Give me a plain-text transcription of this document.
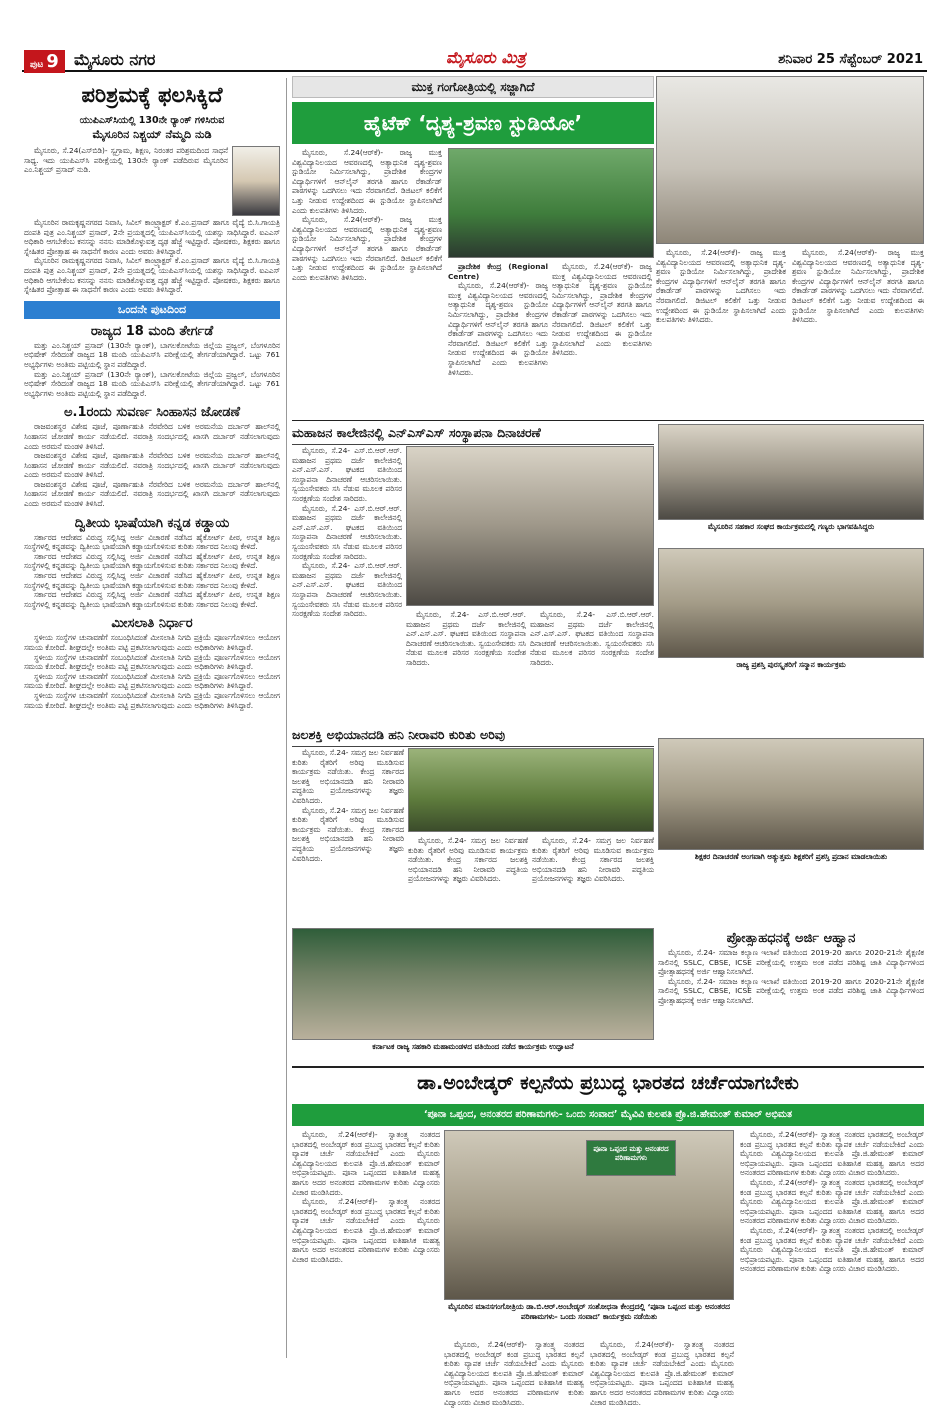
ಪುಟ 9 ಮೈಸೂರು ನಗರ	ಮೈಸೂರು ಮಿತ್ರ	ಶನಿವಾರ 25 ಸೆಪ್ಟೆಂಬರ್ 2021
ಪರಿಶ್ರಮಕ್ಕೆ ಫಲಸಿಕ್ಕಿದೆ
ಯುಪಿಎಸ್‌ಸಿಯಲ್ಲಿ 130ನೇ ರ‍್ಯಾಂಕ್ ಗಳಿಸಿರುವ
ಮೈಸೂರಿನ ನಿಶ್ಚಯ್ ನೆಮ್ಮದಿ ನುಡಿ

ಮೈಸೂರು, ಸೆ.24(ಎಸ್‌ಬಿಡಿ)- ಸ್ವಗ್ರಾಮ, ಶಿಕ್ಷಣ, ನಿರಂತರ ಪರಿಶ್ರಮದಿಂದ ಸಾಧನೆ ಸಾಧ್ಯ. ಇದು ಯುಪಿಎಸ್‌ಸಿ ಪರೀಕ್ಷೆಯಲ್ಲಿ 130ನೇ ರ‍್ಯಾಂಕ್ ಪಡೆದಿರುವ ಮೈಸೂರಿನ ಎಂ.ನಿಶ್ಚಯ್ ಪ್ರಸಾದ್ ನುಡಿ.

ಮೈಸೂರಿನ ರಾಮಕೃಷ್ಣನಗರದ ನಿವಾಸಿ, ಸಿವಿಲ್ ಕಾಂಟ್ರ್ಯಾಕ್ಟರ್ ಕೆ.ಎಂ.ಪ್ರಸಾದ್ ಹಾಗೂ ವೈದ್ಯೆ ಬಿ.ಸಿ.ಗಾಯತ್ರಿ ದಂಪತಿ ಪುತ್ರ ಎಂ.ನಿಶ್ಚಯ್ ಪ್ರಸಾದ್, 2ನೇ ಪ್ರಯತ್ನದಲ್ಲಿ ಯುಪಿಎಸ್‌ಸಿಯಲ್ಲಿ ಯಶಸ್ಸು ಸಾಧಿಸಿದ್ದಾರೆ. ಐಎಎಸ್ ಅಧಿಕಾರಿ ಆಗಬೇಕೆಂಬ ಕನಸನ್ನು ನನಸು ಮಾಡಿಕೊಳ್ಳುವತ್ತ ದೃಢ ಹೆಜ್ಜೆ ಇಟ್ಟಿದ್ದಾರೆ. ಪೋಷಕರು, ಶಿಕ್ಷಕರು ಹಾಗೂ ಸ್ನೇಹಿತರ ಪ್ರೋತ್ಸಾಹ ಈ ಸಾಧನೆಗೆ ಕಾರಣ ಎಂದು ಅವರು ತಿಳಿಸಿದ್ದಾರೆ.

ಮೈಸೂರಿನ ರಾಮಕೃಷ್ಣನಗರದ ನಿವಾಸಿ, ಸಿವಿಲ್ ಕಾಂಟ್ರ್ಯಾಕ್ಟರ್ ಕೆ.ಎಂ.ಪ್ರಸಾದ್ ಹಾಗೂ ವೈದ್ಯೆ ಬಿ.ಸಿ.ಗಾಯತ್ರಿ ದಂಪತಿ ಪುತ್ರ ಎಂ.ನಿಶ್ಚಯ್ ಪ್ರಸಾದ್, 2ನೇ ಪ್ರಯತ್ನದಲ್ಲಿ ಯುಪಿಎಸ್‌ಸಿಯಲ್ಲಿ ಯಶಸ್ಸು ಸಾಧಿಸಿದ್ದಾರೆ. ಐಎಎಸ್ ಅಧಿಕಾರಿ ಆಗಬೇಕೆಂಬ ಕನಸನ್ನು ನನಸು ಮಾಡಿಕೊಳ್ಳುವತ್ತ ದೃಢ ಹೆಜ್ಜೆ ಇಟ್ಟಿದ್ದಾರೆ. ಪೋಷಕರು, ಶಿಕ್ಷಕರು ಹಾಗೂ ಸ್ನೇಹಿತರ ಪ್ರೋತ್ಸಾಹ ಈ ಸಾಧನೆಗೆ ಕಾರಣ ಎಂದು ಅವರು ತಿಳಿಸಿದ್ದಾರೆ.

ಒಂದನೇ ಪುಟದಿಂದ
ರಾಜ್ಯದ 18 ಮಂದಿ ತೇರ್ಗಡೆ

ಮತ್ತು ಎಂ.ನಿಶ್ಚಯ್ ಪ್ರಸಾದ್ (130ನೇ ರ‍್ಯಾಂಕ್), ಬಾಗಲಕೋಟೆಯ ಜಿಲ್ಲೆಯ ಪ್ರಜ್ವಲ್, ಬೆಂಗಳೂರಿನ ಅಭಿಷೇಕ್ ಸೇರಿದಂತೆ ರಾಜ್ಯದ 18 ಮಂದಿ ಯುಪಿಎಸ್‌ಸಿ ಪರೀಕ್ಷೆಯಲ್ಲಿ ತೇರ್ಗಡೆಯಾಗಿದ್ದಾರೆ. ಒಟ್ಟು 761 ಅಭ್ಯರ್ಥಿಗಳು ಅಂತಿಮ ಪಟ್ಟಿಯಲ್ಲಿ ಸ್ಥಾನ ಪಡೆದಿದ್ದಾರೆ.

ಮತ್ತು ಎಂ.ನಿಶ್ಚಯ್ ಪ್ರಸಾದ್ (130ನೇ ರ‍್ಯಾಂಕ್), ಬಾಗಲಕೋಟೆಯ ಜಿಲ್ಲೆಯ ಪ್ರಜ್ವಲ್, ಬೆಂಗಳೂರಿನ ಅಭಿಷೇಕ್ ಸೇರಿದಂತೆ ರಾಜ್ಯದ 18 ಮಂದಿ ಯುಪಿಎಸ್‌ಸಿ ಪರೀಕ್ಷೆಯಲ್ಲಿ ತೇರ್ಗಡೆಯಾಗಿದ್ದಾರೆ. ಒಟ್ಟು 761 ಅಭ್ಯರ್ಥಿಗಳು ಅಂತಿಮ ಪಟ್ಟಿಯಲ್ಲಿ ಸ್ಥಾನ ಪಡೆದಿದ್ದಾರೆ.

ಅ.1ರಂದು ಸುವರ್ಣ ಸಿಂಹಾಸನ ಜೋಡಣೆ

ರಾಜವಂಶಸ್ಥರ ವಿಶೇಷ ಪೂಜೆ, ಪೂರ್ಣಾಹುತಿ ನೆರವೇರಿದ ಬಳಿಕ ಅರಮನೆಯ ದರ್ಬಾರ್ ಹಾಲ್‌ನಲ್ಲಿ ಸಿಂಹಾಸನ ಜೋಡಣೆ ಕಾರ್ಯ ನಡೆಯಲಿದೆ. ನವರಾತ್ರಿ ಸಂದರ್ಭದಲ್ಲಿ ಖಾಸಗಿ ದರ್ಬಾರ್ ನಡೆಸಲಾಗುವುದು ಎಂದು ಅರಮನೆ ಮಂಡಳಿ ತಿಳಿಸಿದೆ.

ರಾಜವಂಶಸ್ಥರ ವಿಶೇಷ ಪೂಜೆ, ಪೂರ್ಣಾಹುತಿ ನೆರವೇರಿದ ಬಳಿಕ ಅರಮನೆಯ ದರ್ಬಾರ್ ಹಾಲ್‌ನಲ್ಲಿ ಸಿಂಹಾಸನ ಜೋಡಣೆ ಕಾರ್ಯ ನಡೆಯಲಿದೆ. ನವರಾತ್ರಿ ಸಂದರ್ಭದಲ್ಲಿ ಖಾಸಗಿ ದರ್ಬಾರ್ ನಡೆಸಲಾಗುವುದು ಎಂದು ಅರಮನೆ ಮಂಡಳಿ ತಿಳಿಸಿದೆ.

ರಾಜವಂಶಸ್ಥರ ವಿಶೇಷ ಪೂಜೆ, ಪೂರ್ಣಾಹುತಿ ನೆರವೇರಿದ ಬಳಿಕ ಅರಮನೆಯ ದರ್ಬಾರ್ ಹಾಲ್‌ನಲ್ಲಿ ಸಿಂಹಾಸನ ಜೋಡಣೆ ಕಾರ್ಯ ನಡೆಯಲಿದೆ. ನವರಾತ್ರಿ ಸಂದರ್ಭದಲ್ಲಿ ಖಾಸಗಿ ದರ್ಬಾರ್ ನಡೆಸಲಾಗುವುದು ಎಂದು ಅರಮನೆ ಮಂಡಳಿ ತಿಳಿಸಿದೆ.

ದ್ವಿತೀಯ ಭಾಷೆಯಾಗಿ ಕನ್ನಡ ಕಡ್ಡಾಯ

ಸರ್ಕಾರದ ಆದೇಶದ ವಿರುದ್ಧ ಸಲ್ಲಿಸಿದ್ದ ಅರ್ಜಿ ವಿಚಾರಣೆ ನಡೆಸಿದ ಹೈಕೋರ್ಟ್ ಪೀಠ, ಉನ್ನತ ಶಿಕ್ಷಣ ಸಂಸ್ಥೆಗಳಲ್ಲಿ ಕನ್ನಡವನ್ನು ದ್ವಿತೀಯ ಭಾಷೆಯಾಗಿ ಕಡ್ಡಾಯಗೊಳಿಸುವ ಕುರಿತು ಸರ್ಕಾರದ ನಿಲುವು ಕೇಳಿದೆ.

ಸರ್ಕಾರದ ಆದೇಶದ ವಿರುದ್ಧ ಸಲ್ಲಿಸಿದ್ದ ಅರ್ಜಿ ವಿಚಾರಣೆ ನಡೆಸಿದ ಹೈಕೋರ್ಟ್ ಪೀಠ, ಉನ್ನತ ಶಿಕ್ಷಣ ಸಂಸ್ಥೆಗಳಲ್ಲಿ ಕನ್ನಡವನ್ನು ದ್ವಿತೀಯ ಭಾಷೆಯಾಗಿ ಕಡ್ಡಾಯಗೊಳಿಸುವ ಕುರಿತು ಸರ್ಕಾರದ ನಿಲುವು ಕೇಳಿದೆ.

ಸರ್ಕಾರದ ಆದೇಶದ ವಿರುದ್ಧ ಸಲ್ಲಿಸಿದ್ದ ಅರ್ಜಿ ವಿಚಾರಣೆ ನಡೆಸಿದ ಹೈಕೋರ್ಟ್ ಪೀಠ, ಉನ್ನತ ಶಿಕ್ಷಣ ಸಂಸ್ಥೆಗಳಲ್ಲಿ ಕನ್ನಡವನ್ನು ದ್ವಿತೀಯ ಭಾಷೆಯಾಗಿ ಕಡ್ಡಾಯಗೊಳಿಸುವ ಕುರಿತು ಸರ್ಕಾರದ ನಿಲುವು ಕೇಳಿದೆ.

ಸರ್ಕಾರದ ಆದೇಶದ ವಿರುದ್ಧ ಸಲ್ಲಿಸಿದ್ದ ಅರ್ಜಿ ವಿಚಾರಣೆ ನಡೆಸಿದ ಹೈಕೋರ್ಟ್ ಪೀಠ, ಉನ್ನತ ಶಿಕ್ಷಣ ಸಂಸ್ಥೆಗಳಲ್ಲಿ ಕನ್ನಡವನ್ನು ದ್ವಿತೀಯ ಭಾಷೆಯಾಗಿ ಕಡ್ಡಾಯಗೊಳಿಸುವ ಕುರಿತು ಸರ್ಕಾರದ ನಿಲುವು ಕೇಳಿದೆ.

ಮೀಸಲಾತಿ ನಿರ್ಧಾರ

ಸ್ಥಳೀಯ ಸಂಸ್ಥೆಗಳ ಚುನಾವಣೆಗೆ ಸಂಬಂಧಿಸಿದಂತೆ ಮೀಸಲಾತಿ ನಿಗದಿ ಪ್ರಕ್ರಿಯೆ ಪೂರ್ಣಗೊಳಿಸಲು ಆಯೋಗ ಸಮಯ ಕೋರಿದೆ. ಶೀಘ್ರದಲ್ಲೇ ಅಂತಿಮ ಪಟ್ಟಿ ಪ್ರಕಟಿಸಲಾಗುವುದು ಎಂದು ಅಧಿಕಾರಿಗಳು ತಿಳಿಸಿದ್ದಾರೆ.

ಸ್ಥಳೀಯ ಸಂಸ್ಥೆಗಳ ಚುನಾವಣೆಗೆ ಸಂಬಂಧಿಸಿದಂತೆ ಮೀಸಲಾತಿ ನಿಗದಿ ಪ್ರಕ್ರಿಯೆ ಪೂರ್ಣಗೊಳಿಸಲು ಆಯೋಗ ಸಮಯ ಕೋರಿದೆ. ಶೀಘ್ರದಲ್ಲೇ ಅಂತಿಮ ಪಟ್ಟಿ ಪ್ರಕಟಿಸಲಾಗುವುದು ಎಂದು ಅಧಿಕಾರಿಗಳು ತಿಳಿಸಿದ್ದಾರೆ.

ಸ್ಥಳೀಯ ಸಂಸ್ಥೆಗಳ ಚುನಾವಣೆಗೆ ಸಂಬಂಧಿಸಿದಂತೆ ಮೀಸಲಾತಿ ನಿಗದಿ ಪ್ರಕ್ರಿಯೆ ಪೂರ್ಣಗೊಳಿಸಲು ಆಯೋಗ ಸಮಯ ಕೋರಿದೆ. ಶೀಘ್ರದಲ್ಲೇ ಅಂತಿಮ ಪಟ್ಟಿ ಪ್ರಕಟಿಸಲಾಗುವುದು ಎಂದು ಅಧಿಕಾರಿಗಳು ತಿಳಿಸಿದ್ದಾರೆ.

ಸ್ಥಳೀಯ ಸಂಸ್ಥೆಗಳ ಚುನಾವಣೆಗೆ ಸಂಬಂಧಿಸಿದಂತೆ ಮೀಸಲಾತಿ ನಿಗದಿ ಪ್ರಕ್ರಿಯೆ ಪೂರ್ಣಗೊಳಿಸಲು ಆಯೋಗ ಸಮಯ ಕೋರಿದೆ. ಶೀಘ್ರದಲ್ಲೇ ಅಂತಿಮ ಪಟ್ಟಿ ಪ್ರಕಟಿಸಲಾಗುವುದು ಎಂದು ಅಧಿಕಾರಿಗಳು ತಿಳಿಸಿದ್ದಾರೆ.

ಮುಕ್ತ ಗಂಗೋತ್ರಿಯಲ್ಲಿ ಸಜ್ಜಾಗಿದೆ
ಹೈಟೆಕ್ ‘ದೃಶ್ಯ-ಶ್ರವಣ ಸ್ಟುಡಿಯೋ’

ಮೈಸೂರು, ಸೆ.24(ಆರ್‌ಕೆ)- ರಾಜ್ಯ ಮುಕ್ತ ವಿಶ್ವವಿದ್ಯಾನಿಲಯದ ಆವರಣದಲ್ಲಿ ಅತ್ಯಾಧುನಿಕ ದೃಶ್ಯ-ಶ್ರವಣ ಸ್ಟುಡಿಯೋ ನಿರ್ಮಿಸಲಾಗಿದ್ದು, ಪ್ರಾದೇಶಿಕ ಕೇಂದ್ರಗಳ ವಿದ್ಯಾರ್ಥಿಗಳಿಗೆ ಆನ್‌ಲೈನ್ ತರಗತಿ ಹಾಗೂ ರೆಕಾರ್ಡೆಡ್ ಪಾಠಗಳನ್ನು ಒದಗಿಸಲು ಇದು ನೆರವಾಗಲಿದೆ. ಡಿಜಿಟಲ್ ಕಲಿಕೆಗೆ ಒತ್ತು ನೀಡುವ ಉದ್ದೇಶದಿಂದ ಈ ಸ್ಟುಡಿಯೋ ಸ್ಥಾಪಿಸಲಾಗಿದೆ ಎಂದು ಕುಲಪತಿಗಳು ತಿಳಿಸಿದರು.

ಮೈಸೂರು, ಸೆ.24(ಆರ್‌ಕೆ)- ರಾಜ್ಯ ಮುಕ್ತ ವಿಶ್ವವಿದ್ಯಾನಿಲಯದ ಆವರಣದಲ್ಲಿ ಅತ್ಯಾಧುನಿಕ ದೃಶ್ಯ-ಶ್ರವಣ ಸ್ಟುಡಿಯೋ ನಿರ್ಮಿಸಲಾಗಿದ್ದು, ಪ್ರಾದೇಶಿಕ ಕೇಂದ್ರಗಳ ವಿದ್ಯಾರ್ಥಿಗಳಿಗೆ ಆನ್‌ಲೈನ್ ತರಗತಿ ಹಾಗೂ ರೆಕಾರ್ಡೆಡ್ ಪಾಠಗಳನ್ನು ಒದಗಿಸಲು ಇದು ನೆರವಾಗಲಿದೆ. ಡಿಜಿಟಲ್ ಕಲಿಕೆಗೆ ಒತ್ತು ನೀಡುವ ಉದ್ದೇಶದಿಂದ ಈ ಸ್ಟುಡಿಯೋ ಸ್ಥಾಪಿಸಲಾಗಿದೆ ಎಂದು ಕುಲಪತಿಗಳು ತಿಳಿಸಿದರು.

ಪ್ರಾದೇಶಿಕ ಕೇಂದ್ರ (Regional Centre)

ಮೈಸೂರು, ಸೆ.24(ಆರ್‌ಕೆ)- ರಾಜ್ಯ ಮುಕ್ತ ವಿಶ್ವವಿದ್ಯಾನಿಲಯದ ಆವರಣದಲ್ಲಿ ಅತ್ಯಾಧುನಿಕ ದೃಶ್ಯ-ಶ್ರವಣ ಸ್ಟುಡಿಯೋ ನಿರ್ಮಿಸಲಾಗಿದ್ದು, ಪ್ರಾದೇಶಿಕ ಕೇಂದ್ರಗಳ ವಿದ್ಯಾರ್ಥಿಗಳಿಗೆ ಆನ್‌ಲೈನ್ ತರಗತಿ ಹಾಗೂ ರೆಕಾರ್ಡೆಡ್ ಪಾಠಗಳನ್ನು ಒದಗಿಸಲು ಇದು ನೆರವಾಗಲಿದೆ. ಡಿಜಿಟಲ್ ಕಲಿಕೆಗೆ ಒತ್ತು ನೀಡುವ ಉದ್ದೇಶದಿಂದ ಈ ಸ್ಟುಡಿಯೋ ಸ್ಥಾಪಿಸಲಾಗಿದೆ ಎಂದು ಕುಲಪತಿಗಳು ತಿಳಿಸಿದರು.

ಮೈಸೂರು, ಸೆ.24(ಆರ್‌ಕೆ)- ರಾಜ್ಯ ಮುಕ್ತ ವಿಶ್ವವಿದ್ಯಾನಿಲಯದ ಆವರಣದಲ್ಲಿ ಅತ್ಯಾಧುನಿಕ ದೃಶ್ಯ-ಶ್ರವಣ ಸ್ಟುಡಿಯೋ ನಿರ್ಮಿಸಲಾಗಿದ್ದು, ಪ್ರಾದೇಶಿಕ ಕೇಂದ್ರಗಳ ವಿದ್ಯಾರ್ಥಿಗಳಿಗೆ ಆನ್‌ಲೈನ್ ತರಗತಿ ಹಾಗೂ ರೆಕಾರ್ಡೆಡ್ ಪಾಠಗಳನ್ನು ಒದಗಿಸಲು ಇದು ನೆರವಾಗಲಿದೆ. ಡಿಜಿಟಲ್ ಕಲಿಕೆಗೆ ಒತ್ತು ನೀಡುವ ಉದ್ದೇಶದಿಂದ ಈ ಸ್ಟುಡಿಯೋ ಸ್ಥಾಪಿಸಲಾಗಿದೆ ಎಂದು ಕುಲಪತಿಗಳು ತಿಳಿಸಿದರು.

ಮೈಸೂರು, ಸೆ.24(ಆರ್‌ಕೆ)- ರಾಜ್ಯ ಮುಕ್ತ ವಿಶ್ವವಿದ್ಯಾನಿಲಯದ ಆವರಣದಲ್ಲಿ ಅತ್ಯಾಧುನಿಕ ದೃಶ್ಯ-ಶ್ರವಣ ಸ್ಟುಡಿಯೋ ನಿರ್ಮಿಸಲಾಗಿದ್ದು, ಪ್ರಾದೇಶಿಕ ಕೇಂದ್ರಗಳ ವಿದ್ಯಾರ್ಥಿಗಳಿಗೆ ಆನ್‌ಲೈನ್ ತರಗತಿ ಹಾಗೂ ರೆಕಾರ್ಡೆಡ್ ಪಾಠಗಳನ್ನು ಒದಗಿಸಲು ಇದು ನೆರವಾಗಲಿದೆ. ಡಿಜಿಟಲ್ ಕಲಿಕೆಗೆ ಒತ್ತು ನೀಡುವ ಉದ್ದೇಶದಿಂದ ಈ ಸ್ಟುಡಿಯೋ ಸ್ಥಾಪಿಸಲಾಗಿದೆ ಎಂದು ಕುಲಪತಿಗಳು ತಿಳಿಸಿದರು.

ಮೈಸೂರು, ಸೆ.24(ಆರ್‌ಕೆ)- ರಾಜ್ಯ ಮುಕ್ತ ವಿಶ್ವವಿದ್ಯಾನಿಲಯದ ಆವರಣದಲ್ಲಿ ಅತ್ಯಾಧುನಿಕ ದೃಶ್ಯ-ಶ್ರವಣ ಸ್ಟುಡಿಯೋ ನಿರ್ಮಿಸಲಾಗಿದ್ದು, ಪ್ರಾದೇಶಿಕ ಕೇಂದ್ರಗಳ ವಿದ್ಯಾರ್ಥಿಗಳಿಗೆ ಆನ್‌ಲೈನ್ ತರಗತಿ ಹಾಗೂ ರೆಕಾರ್ಡೆಡ್ ಪಾಠಗಳನ್ನು ಒದಗಿಸಲು ಇದು ನೆರವಾಗಲಿದೆ. ಡಿಜಿಟಲ್ ಕಲಿಕೆಗೆ ಒತ್ತು ನೀಡುವ ಉದ್ದೇಶದಿಂದ ಈ ಸ್ಟುಡಿಯೋ ಸ್ಥಾಪಿಸಲಾಗಿದೆ ಎಂದು ಕುಲಪತಿಗಳು ತಿಳಿಸಿದರು.

ಮಹಾಜನ ಕಾಲೇಜಿನಲ್ಲಿ ಎನ್‌ಎಸ್‌ಎಸ್ ಸಂಸ್ಥಾಪನಾ ದಿನಾಚರಣೆ

ಮೈಸೂರು, ಸೆ.24- ಎಸ್.ಬಿ.ಆರ್.ಆರ್. ಮಹಾಜನ ಪ್ರಥಮ ದರ್ಜೆ ಕಾಲೇಜಿನಲ್ಲಿ ಎನ್.ಎಸ್.ಎಸ್. ಘಟಕದ ವತಿಯಿಂದ ಸಂಸ್ಥಾಪನಾ ದಿನಾಚರಣೆ ಆಚರಿಸಲಾಯಿತು. ಸ್ವಯಂಸೇವಕರು ಸಸಿ ನೆಡುವ ಮೂಲಕ ಪರಿಸರ ಸಂರಕ್ಷಣೆಯ ಸಂದೇಶ ಸಾರಿದರು.

ಮೈಸೂರು, ಸೆ.24- ಎಸ್.ಬಿ.ಆರ್.ಆರ್. ಮಹಾಜನ ಪ್ರಥಮ ದರ್ಜೆ ಕಾಲೇಜಿನಲ್ಲಿ ಎನ್.ಎಸ್.ಎಸ್. ಘಟಕದ ವತಿಯಿಂದ ಸಂಸ್ಥಾಪನಾ ದಿನಾಚರಣೆ ಆಚರಿಸಲಾಯಿತು. ಸ್ವಯಂಸೇವಕರು ಸಸಿ ನೆಡುವ ಮೂಲಕ ಪರಿಸರ ಸಂರಕ್ಷಣೆಯ ಸಂದೇಶ ಸಾರಿದರು.

ಮೈಸೂರು, ಸೆ.24- ಎಸ್.ಬಿ.ಆರ್.ಆರ್. ಮಹಾಜನ ಪ್ರಥಮ ದರ್ಜೆ ಕಾಲೇಜಿನಲ್ಲಿ ಎನ್.ಎಸ್.ಎಸ್. ಘಟಕದ ವತಿಯಿಂದ ಸಂಸ್ಥಾಪನಾ ದಿನಾಚರಣೆ ಆಚರಿಸಲಾಯಿತು. ಸ್ವಯಂಸೇವಕರು ಸಸಿ ನೆಡುವ ಮೂಲಕ ಪರಿಸರ ಸಂರಕ್ಷಣೆಯ ಸಂದೇಶ ಸಾರಿದರು.	ಮೈಸೂರು, ಸೆ.24- ಎಸ್.ಬಿ.ಆರ್.ಆರ್. ಮಹಾಜನ ಪ್ರಥಮ ದರ್ಜೆ ಕಾಲೇಜಿನಲ್ಲಿ ಎನ್.ಎಸ್.ಎಸ್. ಘಟಕದ ವತಿಯಿಂದ ಸಂಸ್ಥಾಪನಾ ದಿನಾಚರಣೆ ಆಚರಿಸಲಾಯಿತು. ಸ್ವಯಂಸೇವಕರು ಸಸಿ ನೆಡುವ ಮೂಲಕ ಪರಿಸರ ಸಂರಕ್ಷಣೆಯ ಸಂದೇಶ ಸಾರಿದರು.

ಮೈಸೂರು, ಸೆ.24- ಎಸ್.ಬಿ.ಆರ್.ಆರ್. ಮಹಾಜನ ಪ್ರಥಮ ದರ್ಜೆ ಕಾಲೇಜಿನಲ್ಲಿ ಎನ್.ಎಸ್.ಎಸ್. ಘಟಕದ ವತಿಯಿಂದ ಸಂಸ್ಥಾಪನಾ ದಿನಾಚರಣೆ ಆಚರಿಸಲಾಯಿತು. ಸ್ವಯಂಸೇವಕರು ಸಸಿ ನೆಡುವ ಮೂಲಕ ಪರಿಸರ ಸಂರಕ್ಷಣೆಯ ಸಂದೇಶ ಸಾರಿದರು.

ಜಲಶಕ್ತಿ ಅಭಿಯಾನದಡಿ ಹನಿ ನೀರಾವರಿ ಕುರಿತು ಅರಿವು

ಮೈಸೂರು, ಸೆ.24- ಸಮಗ್ರ ಜಲ ನಿರ್ವಹಣೆ ಕುರಿತು ರೈತರಿಗೆ ಅರಿವು ಮೂಡಿಸುವ ಕಾರ್ಯಕ್ರಮ ನಡೆಯಿತು. ಕೇಂದ್ರ ಸರ್ಕಾರದ ಜಲಶಕ್ತಿ ಅಭಿಯಾನದಡಿ ಹನಿ ನೀರಾವರಿ ಪದ್ಧತಿಯ ಪ್ರಯೋಜನಗಳನ್ನು ತಜ್ಞರು ವಿವರಿಸಿದರು.

ಮೈಸೂರು, ಸೆ.24- ಸಮಗ್ರ ಜಲ ನಿರ್ವಹಣೆ ಕುರಿತು ರೈತರಿಗೆ ಅರಿವು ಮೂಡಿಸುವ ಕಾರ್ಯಕ್ರಮ ನಡೆಯಿತು. ಕೇಂದ್ರ ಸರ್ಕಾರದ ಜಲಶಕ್ತಿ ಅಭಿಯಾನದಡಿ ಹನಿ ನೀರಾವರಿ ಪದ್ಧತಿಯ ಪ್ರಯೋಜನಗಳನ್ನು ತಜ್ಞರು ವಿವರಿಸಿದರು.

ಮೈಸೂರು, ಸೆ.24- ಸಮಗ್ರ ಜಲ ನಿರ್ವಹಣೆ ಕುರಿತು ರೈತರಿಗೆ ಅರಿವು ಮೂಡಿಸುವ ಕಾರ್ಯಕ್ರಮ ನಡೆಯಿತು. ಕೇಂದ್ರ ಸರ್ಕಾರದ ಜಲಶಕ್ತಿ ಅಭಿಯಾನದಡಿ ಹನಿ ನೀರಾವರಿ ಪದ್ಧತಿಯ ಪ್ರಯೋಜನಗಳನ್ನು ತಜ್ಞರು ವಿವರಿಸಿದರು.

ಮೈಸೂರು, ಸೆ.24- ಸಮಗ್ರ ಜಲ ನಿರ್ವಹಣೆ ಕುರಿತು ರೈತರಿಗೆ ಅರಿವು ಮೂಡಿಸುವ ಕಾರ್ಯಕ್ರಮ ನಡೆಯಿತು. ಕೇಂದ್ರ ಸರ್ಕಾರದ ಜಲಶಕ್ತಿ ಅಭಿಯಾನದಡಿ ಹನಿ ನೀರಾವರಿ ಪದ್ಧತಿಯ ಪ್ರಯೋಜನಗಳನ್ನು ತಜ್ಞರು ವಿವರಿಸಿದರು.

ಕರ್ನಾಟಕ ರಾಜ್ಯ ಸಹಕಾರಿ ಮಹಾಮಂಡಳದ ವತಿಯಿಂದ ನಡೆದ ಕಾರ್ಯಕ್ರಮ ಉದ್ಘಾಟನೆ
ಮೈಸೂರಿನ ಸಹಕಾರ ಸಂಘದ ಕಾರ್ಯಕ್ರಮದಲ್ಲಿ ಗಣ್ಯರು ಭಾಗವಹಿಸಿದ್ದರು
ರಾಜ್ಯ ಪ್ರಶಸ್ತಿ ಪುರಸ್ಕೃತರಿಗೆ ಸನ್ಮಾನ ಕಾರ್ಯಕ್ರಮ
ಶಿಕ್ಷಕರ ದಿನಾಚರಣೆ ಅಂಗವಾಗಿ ಅತ್ಯುತ್ತಮ ಶಿಕ್ಷಕರಿಗೆ ಪ್ರಶಸ್ತಿ ಪ್ರದಾನ ಮಾಡಲಾಯಿತು
ಪ್ರೋತ್ಸಾಹಧನಕ್ಕೆ ಅರ್ಜಿ ಆಹ್ವಾನ

ಮೈಸೂರು, ಸೆ.24- ಸಮಾಜ ಕಲ್ಯಾಣ ಇಲಾಖೆ ವತಿಯಿಂದ 2019-20 ಹಾಗೂ 2020-21ನೇ ಶೈಕ್ಷಣಿಕ ಸಾಲಿನಲ್ಲಿ SSLC, CBSE, ICSE ಪರೀಕ್ಷೆಯಲ್ಲಿ ಉತ್ತಮ ಅಂಕ ಪಡೆದ ಪರಿಶಿಷ್ಟ ಜಾತಿ ವಿದ್ಯಾರ್ಥಿಗಳಿಂದ ಪ್ರೋತ್ಸಾಹಧನಕ್ಕೆ ಅರ್ಜಿ ಆಹ್ವಾನಿಸಲಾಗಿದೆ.

ಮೈಸೂರು, ಸೆ.24- ಸಮಾಜ ಕಲ್ಯಾಣ ಇಲಾಖೆ ವತಿಯಿಂದ 2019-20 ಹಾಗೂ 2020-21ನೇ ಶೈಕ್ಷಣಿಕ ಸಾಲಿನಲ್ಲಿ SSLC, CBSE, ICSE ಪರೀಕ್ಷೆಯಲ್ಲಿ ಉತ್ತಮ ಅಂಕ ಪಡೆದ ಪರಿಶಿಷ್ಟ ಜಾತಿ ವಿದ್ಯಾರ್ಥಿಗಳಿಂದ ಪ್ರೋತ್ಸಾಹಧನಕ್ಕೆ ಅರ್ಜಿ ಆಹ್ವಾನಿಸಲಾಗಿದೆ.

ಡಾ.ಅಂಬೇಡ್ಕರ್ ಕಲ್ಪನೆಯ ಪ್ರಬುದ್ಧ ಭಾರತದ ಚರ್ಚೆಯಾಗಬೇಕು
‘ಪೂನಾ ಒಪ್ಪಂದ, ಅನಂತರದ ಪರಿಣಾಮಗಳು- ಒಂದು ಸಂವಾದ’ ಮೈವಿವಿ ಕುಲಪತಿ ಪ್ರೊ.ಜಿ.ಹೇಮಂತ್ ಕುಮಾರ್ ಅಭಿಮತ

ಮೈಸೂರು, ಸೆ.24(ಆರ್‌ಕೆ)- ಸ್ವಾತಂತ್ರ್ಯ ನಂತರದ ಭಾರತದಲ್ಲಿ ಅಂಬೇಡ್ಕರ್ ಕಂಡ ಪ್ರಬುದ್ಧ ಭಾರತದ ಕಲ್ಪನೆ ಕುರಿತು ವ್ಯಾಪಕ ಚರ್ಚೆ ನಡೆಯಬೇಕಿದೆ ಎಂದು ಮೈಸೂರು ವಿಶ್ವವಿದ್ಯಾನಿಲಯದ ಕುಲಪತಿ ಪ್ರೊ.ಜಿ.ಹೇಮಂತ್ ಕುಮಾರ್ ಅಭಿಪ್ರಾಯಪಟ್ಟರು. ಪೂನಾ ಒಪ್ಪಂದದ ಐತಿಹಾಸಿಕ ಮಹತ್ವ ಹಾಗೂ ಅದರ ಅನಂತರದ ಪರಿಣಾಮಗಳ ಕುರಿತು ವಿದ್ವಾಂಸರು ವಿಚಾರ ಮಂಡಿಸಿದರು.

ಮೈಸೂರು, ಸೆ.24(ಆರ್‌ಕೆ)- ಸ್ವಾತಂತ್ರ್ಯ ನಂತರದ ಭಾರತದಲ್ಲಿ ಅಂಬೇಡ್ಕರ್ ಕಂಡ ಪ್ರಬುದ್ಧ ಭಾರತದ ಕಲ್ಪನೆ ಕುರಿತು ವ್ಯಾಪಕ ಚರ್ಚೆ ನಡೆಯಬೇಕಿದೆ ಎಂದು ಮೈಸೂರು ವಿಶ್ವವಿದ್ಯಾನಿಲಯದ ಕುಲಪತಿ ಪ್ರೊ.ಜಿ.ಹೇಮಂತ್ ಕುಮಾರ್ ಅಭಿಪ್ರಾಯಪಟ್ಟರು. ಪೂನಾ ಒಪ್ಪಂದದ ಐತಿಹಾಸಿಕ ಮಹತ್ವ ಹಾಗೂ ಅದರ ಅನಂತರದ ಪರಿಣಾಮಗಳ ಕುರಿತು ವಿದ್ವಾಂಸರು ವಿಚಾರ ಮಂಡಿಸಿದರು.

ಪೂನಾ ಒಪ್ಪಂದ ಮತ್ತು ಅನಂತರದ ಪರಿಣಾಮಗಳು
ಮೈಸೂರಿನ ಮಾನಸಗಂಗೋತ್ರಿಯ ಡಾ.ಬಿ.ಆರ್.ಅಂಬೇಡ್ಕರ್ ಸಂಶೋಧನಾ ಕೇಂದ್ರದಲ್ಲಿ ‘ಪೂನಾ ಒಪ್ಪಂದ ಮತ್ತು ಅನಂತರದ ಪರಿಣಾಮಗಳು- ಒಂದು ಸಂವಾದ’ ಕಾರ್ಯಕ್ರಮ ನಡೆಯಿತು

ಮೈಸೂರು, ಸೆ.24(ಆರ್‌ಕೆ)- ಸ್ವಾತಂತ್ರ್ಯ ನಂತರದ ಭಾರತದಲ್ಲಿ ಅಂಬೇಡ್ಕರ್ ಕಂಡ ಪ್ರಬುದ್ಧ ಭಾರತದ ಕಲ್ಪನೆ ಕುರಿತು ವ್ಯಾಪಕ ಚರ್ಚೆ ನಡೆಯಬೇಕಿದೆ ಎಂದು ಮೈಸೂರು ವಿಶ್ವವಿದ್ಯಾನಿಲಯದ ಕುಲಪತಿ ಪ್ರೊ.ಜಿ.ಹೇಮಂತ್ ಕುಮಾರ್ ಅಭಿಪ್ರಾಯಪಟ್ಟರು. ಪೂನಾ ಒಪ್ಪಂದದ ಐತಿಹಾಸಿಕ ಮಹತ್ವ ಹಾಗೂ ಅದರ ಅನಂತರದ ಪರಿಣಾಮಗಳ ಕುರಿತು ವಿದ್ವಾಂಸರು ವಿಚಾರ ಮಂಡಿಸಿದರು.

ಮೈಸೂರು, ಸೆ.24(ಆರ್‌ಕೆ)- ಸ್ವಾತಂತ್ರ್ಯ ನಂತರದ ಭಾರತದಲ್ಲಿ ಅಂಬೇಡ್ಕರ್ ಕಂಡ ಪ್ರಬುದ್ಧ ಭಾರತದ ಕಲ್ಪನೆ ಕುರಿತು ವ್ಯಾಪಕ ಚರ್ಚೆ ನಡೆಯಬೇಕಿದೆ ಎಂದು ಮೈಸೂರು ವಿಶ್ವವಿದ್ಯಾನಿಲಯದ ಕುಲಪತಿ ಪ್ರೊ.ಜಿ.ಹೇಮಂತ್ ಕುಮಾರ್ ಅಭಿಪ್ರಾಯಪಟ್ಟರು. ಪೂನಾ ಒಪ್ಪಂದದ ಐತಿಹಾಸಿಕ ಮಹತ್ವ ಹಾಗೂ ಅದರ ಅನಂತರದ ಪರಿಣಾಮಗಳ ಕುರಿತು ವಿದ್ವಾಂಸರು ವಿಚಾರ ಮಂಡಿಸಿದರು.

ಮೈಸೂರು, ಸೆ.24(ಆರ್‌ಕೆ)- ಸ್ವಾತಂತ್ರ್ಯ ನಂತರದ ಭಾರತದಲ್ಲಿ ಅಂಬೇಡ್ಕರ್ ಕಂಡ ಪ್ರಬುದ್ಧ ಭಾರತದ ಕಲ್ಪನೆ ಕುರಿತು ವ್ಯಾಪಕ ಚರ್ಚೆ ನಡೆಯಬೇಕಿದೆ ಎಂದು ಮೈಸೂರು ವಿಶ್ವವಿದ್ಯಾನಿಲಯದ ಕುಲಪತಿ ಪ್ರೊ.ಜಿ.ಹೇಮಂತ್ ಕುಮಾರ್ ಅಭಿಪ್ರಾಯಪಟ್ಟರು. ಪೂನಾ ಒಪ್ಪಂದದ ಐತಿಹಾಸಿಕ ಮಹತ್ವ ಹಾಗೂ ಅದರ ಅನಂತರದ ಪರಿಣಾಮಗಳ ಕುರಿತು ವಿದ್ವಾಂಸರು ವಿಚಾರ ಮಂಡಿಸಿದರು.

ಮೈಸೂರು, ಸೆ.24(ಆರ್‌ಕೆ)- ಸ್ವಾತಂತ್ರ್ಯ ನಂತರದ ಭಾರತದಲ್ಲಿ ಅಂಬೇಡ್ಕರ್ ಕಂಡ ಪ್ರಬುದ್ಧ ಭಾರತದ ಕಲ್ಪನೆ ಕುರಿತು ವ್ಯಾಪಕ ಚರ್ಚೆ ನಡೆಯಬೇಕಿದೆ ಎಂದು ಮೈಸೂರು ವಿಶ್ವವಿದ್ಯಾನಿಲಯದ ಕುಲಪತಿ ಪ್ರೊ.ಜಿ.ಹೇಮಂತ್ ಕುಮಾರ್ ಅಭಿಪ್ರಾಯಪಟ್ಟರು. ಪೂನಾ ಒಪ್ಪಂದದ ಐತಿಹಾಸಿಕ ಮಹತ್ವ ಹಾಗೂ ಅದರ ಅನಂತರದ ಪರಿಣಾಮಗಳ ಕುರಿತು ವಿದ್ವಾಂಸರು ವಿಚಾರ ಮಂಡಿಸಿದರು.

ಮೈಸೂರು, ಸೆ.24(ಆರ್‌ಕೆ)- ಸ್ವಾತಂತ್ರ್ಯ ನಂತರದ ಭಾರತದಲ್ಲಿ ಅಂಬೇಡ್ಕರ್ ಕಂಡ ಪ್ರಬುದ್ಧ ಭಾರತದ ಕಲ್ಪನೆ ಕುರಿತು ವ್ಯಾಪಕ ಚರ್ಚೆ ನಡೆಯಬೇಕಿದೆ ಎಂದು ಮೈಸೂರು ವಿಶ್ವವಿದ್ಯಾನಿಲಯದ ಕುಲಪತಿ ಪ್ರೊ.ಜಿ.ಹೇಮಂತ್ ಕುಮಾರ್ ಅಭಿಪ್ರಾಯಪಟ್ಟರು. ಪೂನಾ ಒಪ್ಪಂದದ ಐತಿಹಾಸಿಕ ಮಹತ್ವ ಹಾಗೂ ಅದರ ಅನಂತರದ ಪರಿಣಾಮಗಳ ಕುರಿತು ವಿದ್ವಾಂಸರು ವಿಚಾರ ಮಂಡಿಸಿದರು.
